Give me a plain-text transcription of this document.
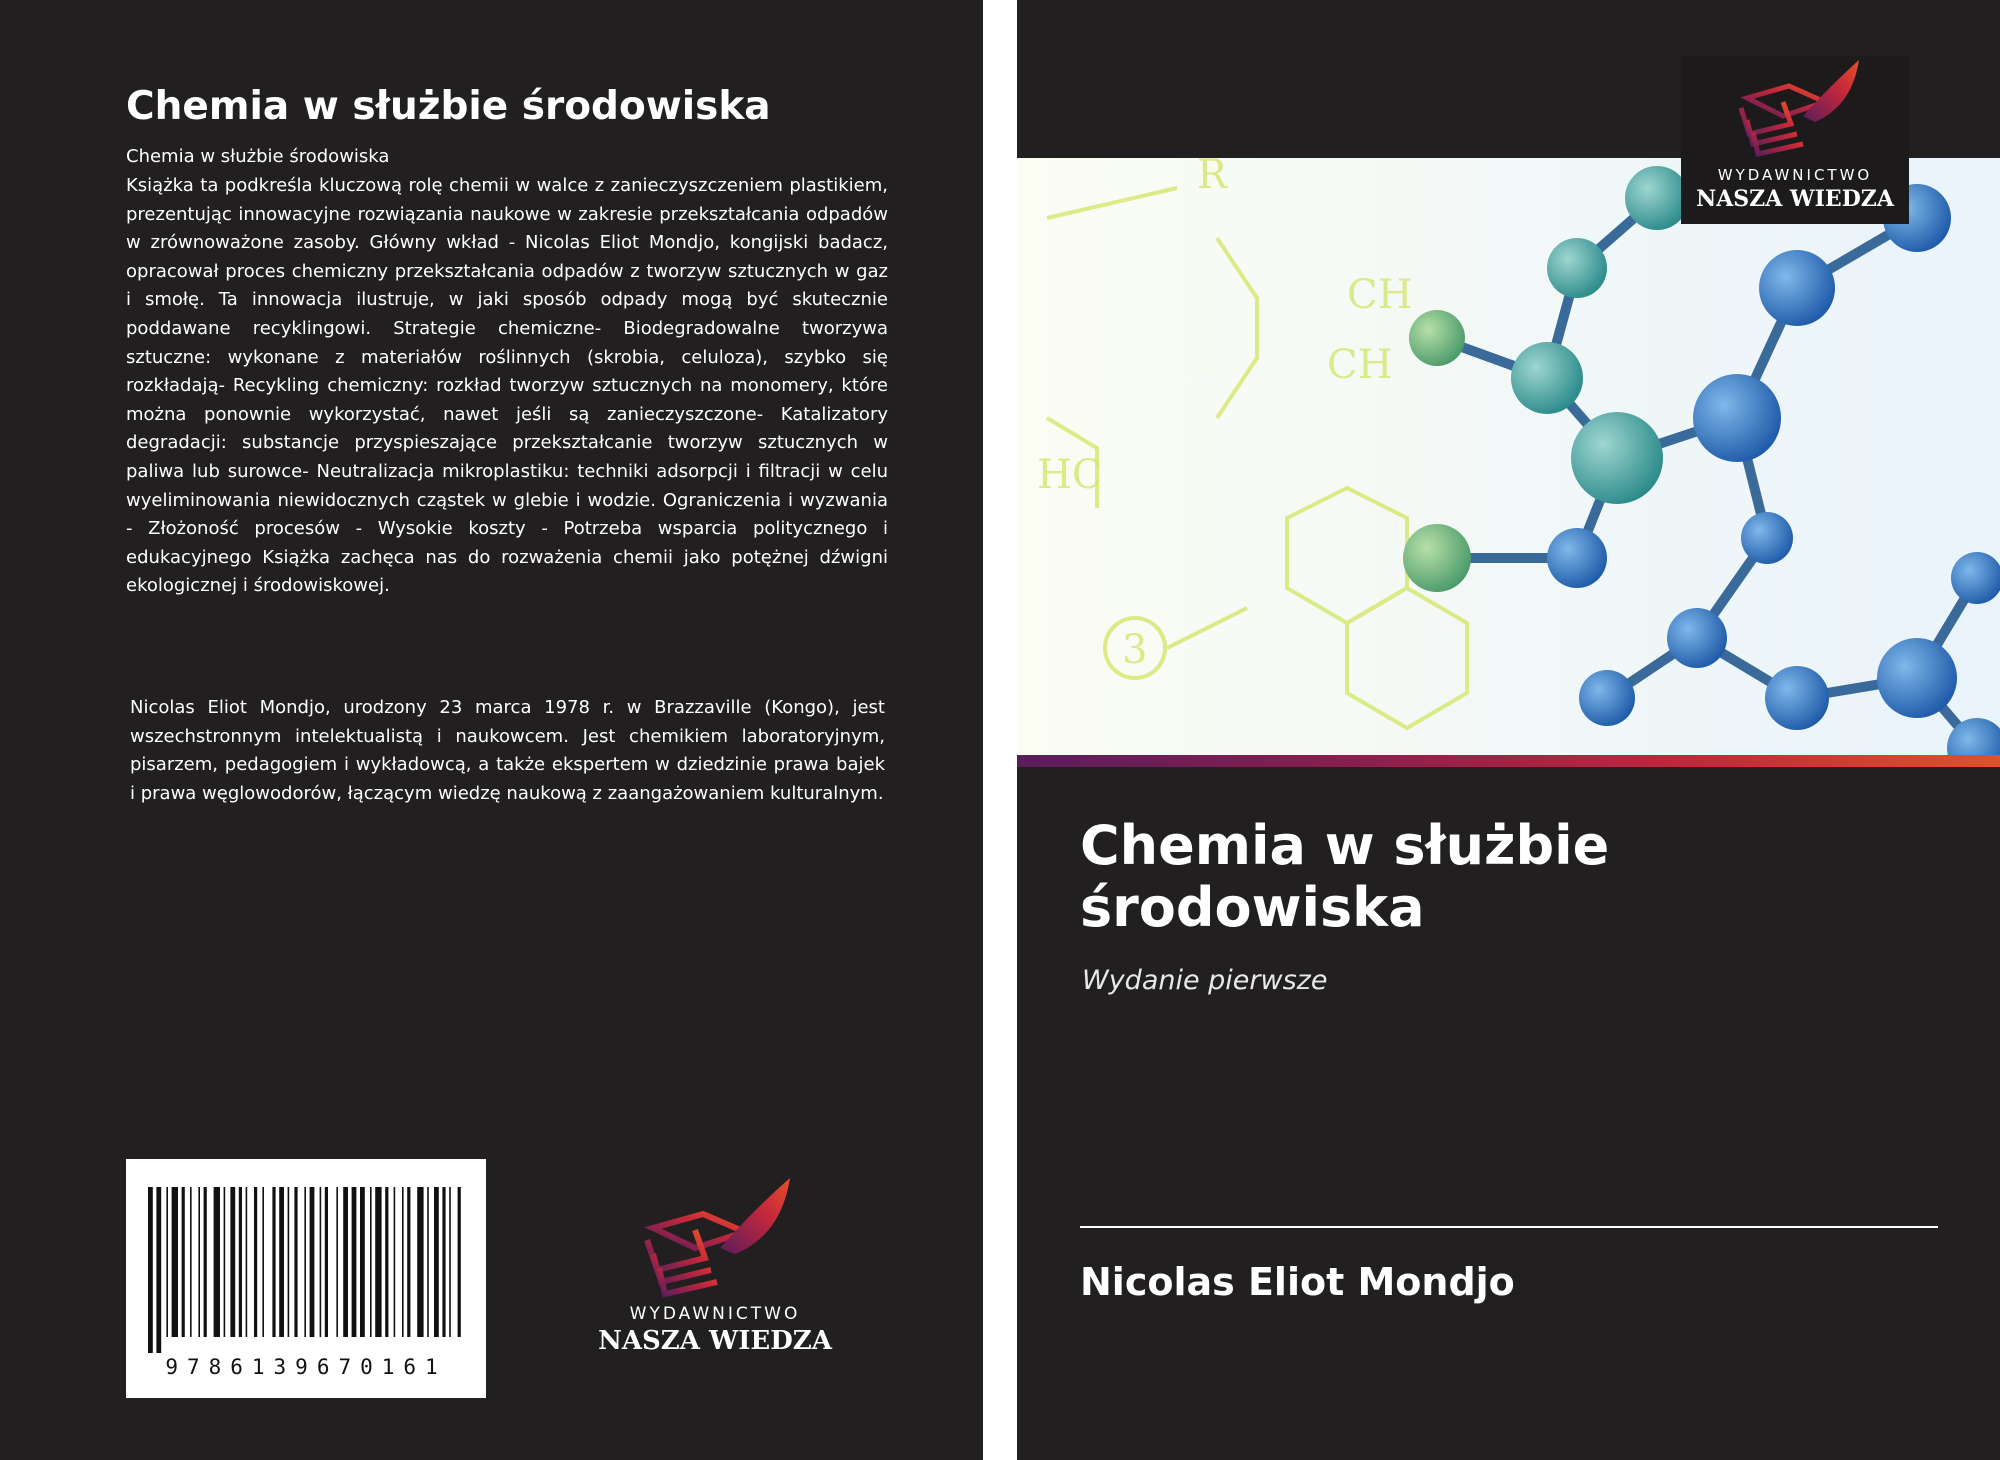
Chemia w służbie środowiska
Chemia w służbie środowiska
Książka ta podkreśla kluczową rolę chemii w walce z zanieczyszczeniem plastikiem, prezentując innowacyjne rozwiązania naukowe w zakresie przekształcania odpadów w zrównoważone zasoby. Główny wkład - Nicolas Eliot Mondjo, kongijski badacz, opracował proces chemiczny przekształcania odpadów z tworzyw sztucznych w gaz i smołę. Ta innowacja ilustruje, w jaki sposób odpady mogą być skutecznie poddawane recyklingowi. Strategie chemiczne- Biodegradowalne tworzywa sztuczne: wykonane z materiałów roślinnych (skrobia, celuloza), szybko się rozkładają- Recykling chemiczny: rozkład tworzyw sztucznych na monomery, które można ponownie wykorzystać, nawet jeśli są zanieczyszczone- Katalizatory degradacji: substancje przyspieszające przekształcanie tworzyw sztucznych w paliwa lub surowce- Neutralizacja mikroplastiku: techniki adsorpcji i filtracji w celu wyeliminowania niewidocznych cząstek w glebie i wodzie. Ograniczenia i wyzwania - Złożoność procesów - Wysokie koszty - Potrzeba wsparcia politycznego i edukacyjnego Książka zachęca nas do rozważenia chemii jako potężnej dźwigni ekologicznej i środowiskowej.
Nicolas Eliot Mondjo, urodzony 23 marca 1978 r. w Brazzaville (Kongo), jest wszechstronnym intelektualistą i naukowcem. Jest chemikiem laboratoryjnym, pisarzem, pedagogiem i wykładowcą, a także ekspertem w dziedzinie prawa bajek i prawa węglowodorów, łączącym wiedzę naukową z zaangażowaniem kulturalnym.
9786139670161
WYDAWNICTWO
NASZA WIEDZA
CH
CH
HC
R
3
WYDAWNICTWO
NASZA WIEDZA
Chemia w służbie środowiska
Wydanie pierwsze
Nicolas Eliot Mondjo
